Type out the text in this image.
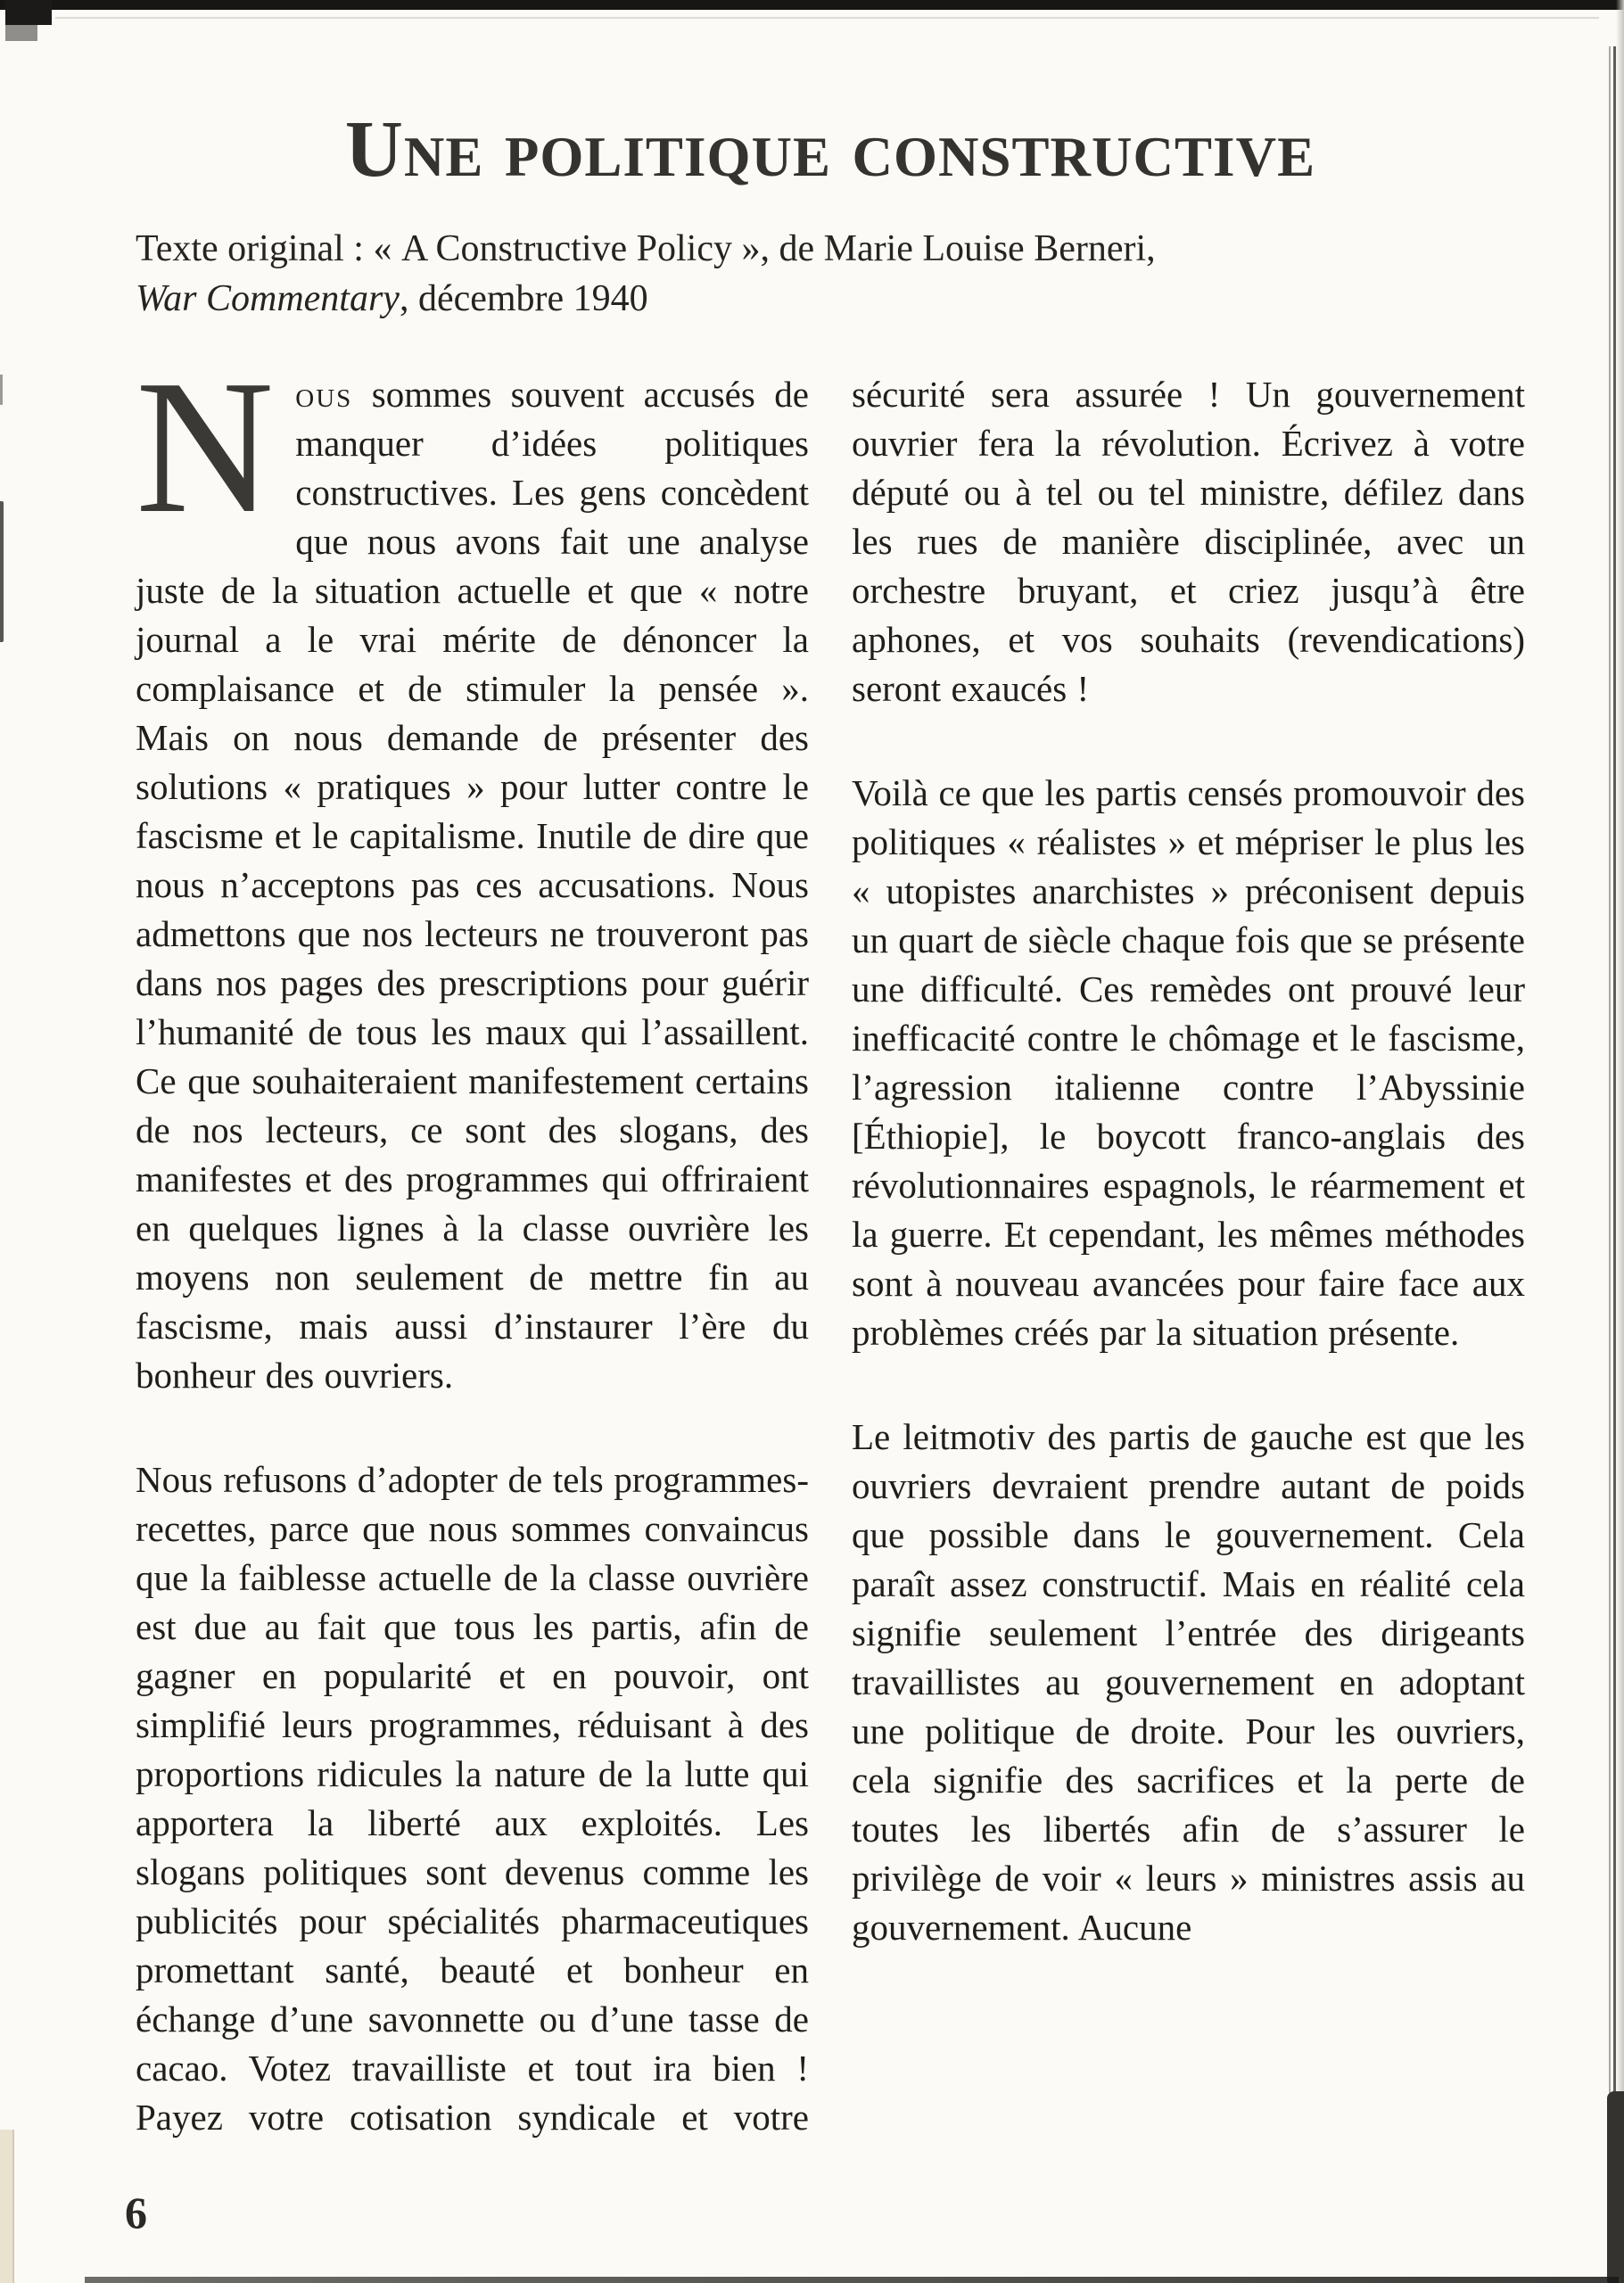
Une politique constructive

Texte original : « A Constructive Policy », de Marie Louise Berneri,
War Commentary, décembre 1940

Nous sommes souvent accusés de manquer d’idées politiques constructives. Les gens concèdent que nous avons fait une analyse juste de la situation actuelle et que « notre journal a le vrai mérite de dénoncer la complaisance et de stimuler la pensée ». Mais on nous demande de présenter des solutions « pratiques » pour lutter contre le fascisme et le capitalisme. Inutile de dire que nous n’acceptons pas ces accusations. Nous admettons que nos lecteurs ne trouveront pas dans nos pages des prescriptions pour guérir l’humanité de tous les maux qui l’assaillent. Ce que souhaiteraient manifestement certains de nos lecteurs, ce sont des slogans, des manifestes et des programmes qui offriraient en quelques lignes à la classe ouvrière les moyens non seulement de mettre fin au fascisme, mais aussi d’instaurer l’ère du bonheur des ouvriers.

Nous refusons d’adopter de tels programmes-recettes, parce que nous sommes convaincus que la faiblesse actuelle de la classe ouvrière est due au fait que tous les partis, afin de gagner en popularité et en pouvoir, ont simplifié leurs programmes, réduisant à des proportions ridicules la nature de la lutte qui apportera la liberté aux exploités. Les slogans politiques sont devenus comme les publicités pour spécialités pharmaceutiques promettant santé, beauté et bonheur en échange d’une savonnette ou d’une tasse de cacao. Votez travailliste et tout ira bien ! Payez votre cotisation syndicale et votre sécurité sera assurée ! Un gouvernement ouvrier fera la révolution. Écrivez à votre député ou à tel ou tel ministre, défilez dans les rues de manière disciplinée, avec un orchestre bruyant, et criez jusqu’à être aphones, et vos souhaits (revendications) seront exaucés !

Voilà ce que les partis censés promouvoir des politiques « réalistes » et mépriser le plus les « utopistes anarchistes » préconisent depuis un quart de siècle chaque fois que se présente une difficulté. Ces remèdes ont prouvé leur inefficacité contre le chômage et le fascisme, l’agression italienne contre l’Abyssinie [Éthiopie], le boycott franco-anglais des révolutionnaires espagnols, le réarmement et la guerre. Et cependant, les mêmes méthodes sont à nouveau avancées pour faire face aux problèmes créés par la situation présente.

Le leitmotiv des partis de gauche est que les ouvriers devraient prendre autant de poids que possible dans le gouvernement. Cela paraît assez constructif. Mais en réalité cela signifie seulement l’entrée des dirigeants travaillistes au gouvernement en adoptant une politique de droite. Pour les ouvriers, cela signifie des sacrifices et la perte de toutes les libertés afin de s’assurer le privilège de voir « leurs » ministres assis au gouvernement. Aucune

6
